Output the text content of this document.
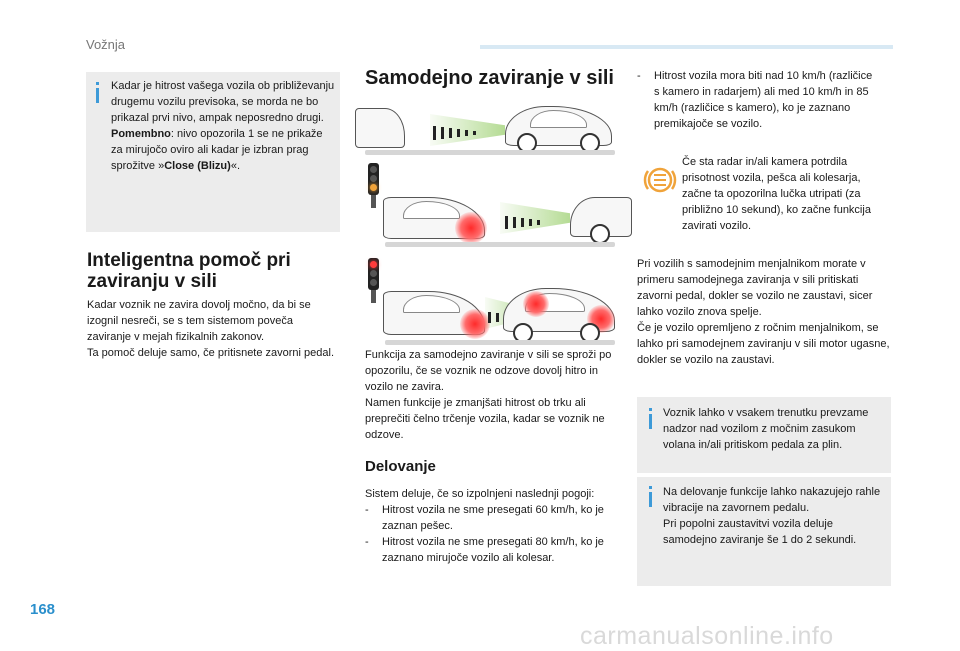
Vožnja

Kadar je hitrost vašega vozila ob približevanju drugemu vozilu previsoka, se morda ne bo prikazal prvi nivo, ampak neposredno drugi.

Pomembno: nivo opozorila 1 se ne prikaže za mirujočo oviro ali kadar je izbran prag sprožitve »Close (Blizu)«.

Inteligentna pomoč pri zaviranju v sili

Kadar voznik ne zavira dovolj močno, da bi se izognil nesreči, se s tem sistemom poveča zaviranje v mejah fizikalnih zakonov.

Ta pomoč deluje samo, če pritisnete zavorni pedal.

Samodejno zaviranje v sili

Funkcija za samodejno zaviranje v sili se sproži po opozorilu, če se voznik ne odzove dovolj hitro in vozilo ne zavira.

Namen funkcije je zmanjšati hitrost ob trku ali preprečiti čelno trčenje vozila, kadar se voznik ne odzove.

Delovanje

Sistem deluje, če so izpolnjeni naslednji pogoji:

- Hitrost vozila ne sme presegati 60 km/h, ko je zaznan pešec.

- Hitrost vozila ne sme presegati 80 km/h, ko je zaznano mirujoče vozilo ali kolesar.

- Hitrost vozila mora biti nad 10 km/h (različice s kamero in radarjem) ali med 10 km/h in 85 km/h (različice s kamero), ko je zaznano premikajoče se vozilo.

Če sta radar in/ali kamera potrdila prisotnost vozila, pešca ali kolesarja, začne ta opozorilna lučka utripati (za približno 10 sekund), ko začne funkcija zavirati vozilo.

Pri vozilih s samodejnim menjalnikom morate v primeru samodejnega zaviranja v sili pritiskati zavorni pedal, dokler se vozilo ne zaustavi, sicer lahko vozilo znova spelje.

Če je vozilo opremljeno z ročnim menjalnikom, se lahko pri samodejnem zaviranju v sili motor ugasne, dokler se vozilo na zaustavi.

Voznik lahko v vsakem trenutku prevzame nadzor nad vozilom z močnim zasukom volana in/ali pritiskom pedala za plin.

Na delovanje funkcije lahko nakazujejo rahle vibracije na zavornem pedalu.

Pri popolni zaustavitvi vozila deluje samodejno zaviranje še 1 do 2 sekundi.

168
carmanualsonline.info
